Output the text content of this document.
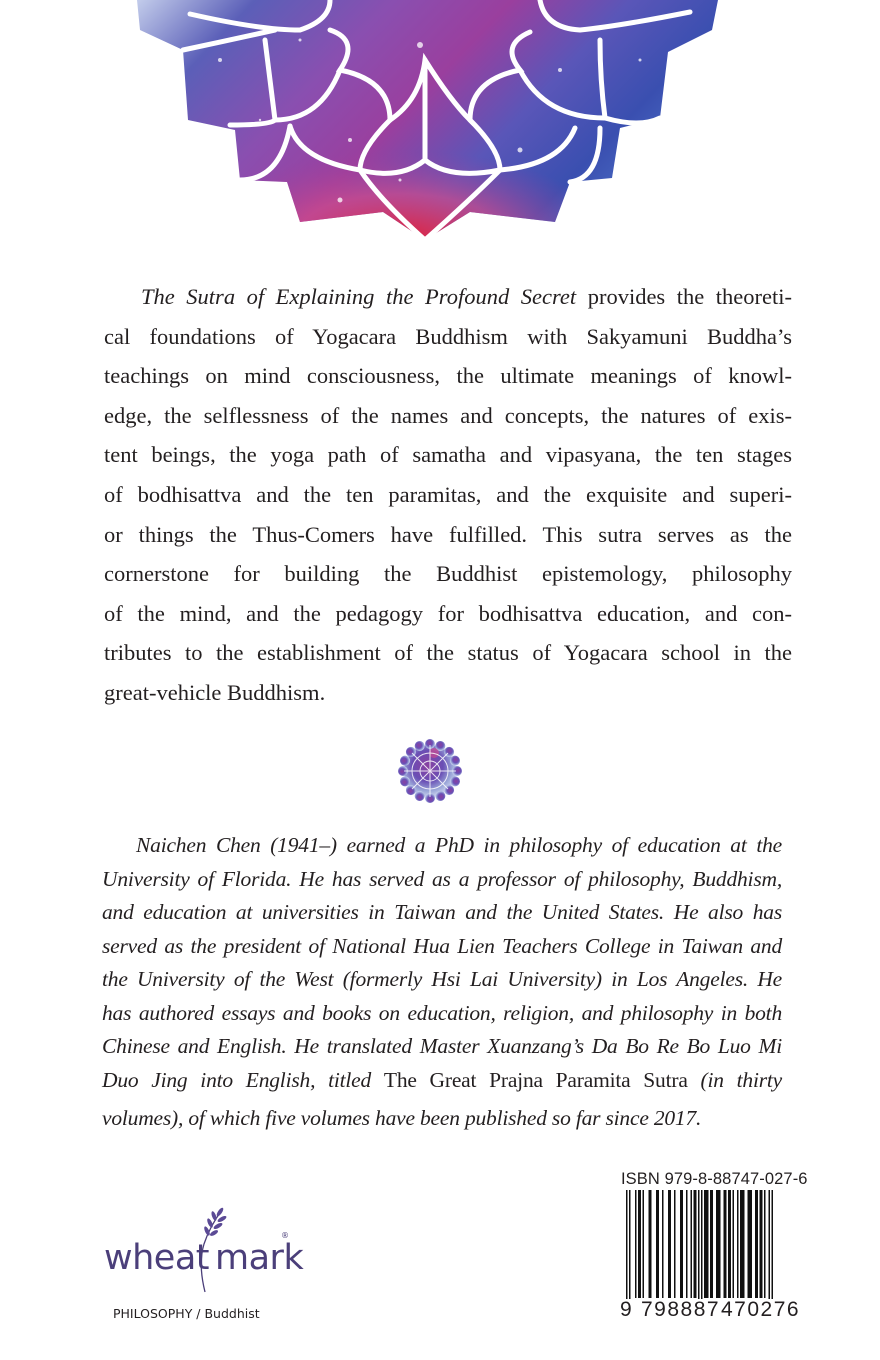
The Sutra of Explaining the Profound Secret provides the theoreti-
cal foundations of Yogacara Buddhism with Sakyamuni Buddha’s
teachings on mind consciousness, the ultimate meanings of knowl-
edge, the selflessness of the names and concepts, the natures of exis-
tent beings, the yoga path of samatha and vipasyana, the ten stages
of bodhisattva and the ten paramitas, and the exquisite and superi-
or things the Thus-Comers have fulfilled. This sutra serves as the
cornerstone for building the Buddhist epistemology, philosophy
of the mind, and the pedagogy for bodhisattva education, and con-
tributes to the establishment of the status of Yogacara school in the
great-vehicle Buddhism.
Naichen Chen (1941–) earned a PhD in philosophy of education at the
University of Florida. He has served as a professor of philosophy, Buddhism,
and education at universities in Taiwan and the United States. He also has
served as the president of National Hua Lien Teachers College in Taiwan and
the University of the West (formerly Hsi Lai University) in Los Angeles. He
has authored essays and books on education, religion, and philosophy in both
Chinese and English. He translated Master Xuanzang’s Da Bo Re Bo Luo Mi
Duo Jing into English, titled The Great Prajna Paramita Sutra (in thirty
volumes), of which five volumes have been published so far since 2017.
wheat mark
®
PHILOSOPHY / Buddhist
ISBN 979-8-88747-027-6
9 798887 470276
